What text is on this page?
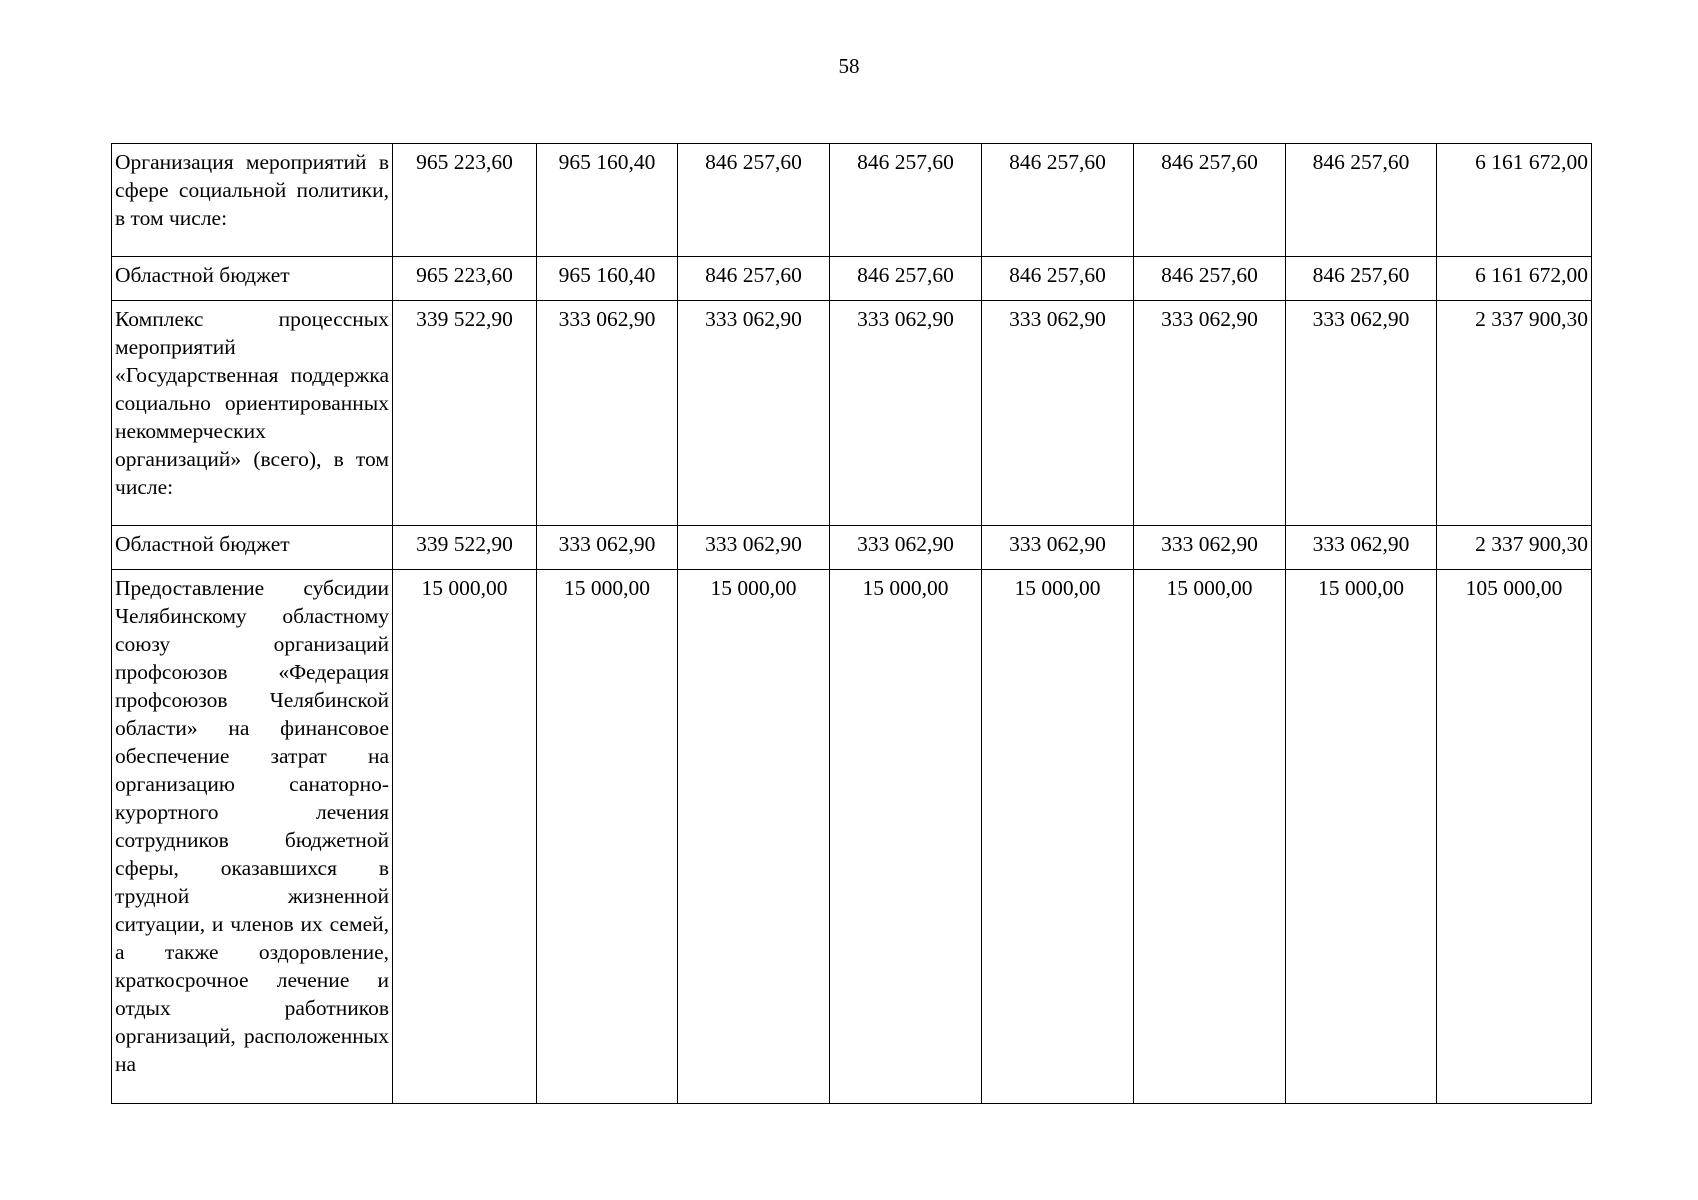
58
Организация мероприятий в сфере социальной политики, в том числе:	965 223,60	965 160,40	846 257,60	846 257,60	846 257,60	846 257,60	846 257,60	6 161 672,00
Областной бюджет	965 223,60	965 160,40	846 257,60	846 257,60	846 257,60	846 257,60	846 257,60	6 161 672,00
Комплекс процессных мероприятий «Государственная поддержка социально ориентированных некоммерческих организаций» (всего), в том числе:	339 522,90	333 062,90	333 062,90	333 062,90	333 062,90	333 062,90	333 062,90	2 337 900,30
Областной бюджет	339 522,90	333 062,90	333 062,90	333 062,90	333 062,90	333 062,90	333 062,90	2 337 900,30
Предоставление субсидии Челябинскому областному союзу организаций профсоюзов «Федерация профсоюзов Челябинской области» на финансовое обеспечение затрат на организацию санаторно-курортного лечения сотрудников бюджетной сферы, оказавшихся в трудной жизненной ситуации, и членов их семей, а также оздоровление, краткосрочное лечение и отдых работников организаций, расположенных на	15 000,00	15 000,00	15 000,00	15 000,00	15 000,00	15 000,00	15 000,00	105 000,00
